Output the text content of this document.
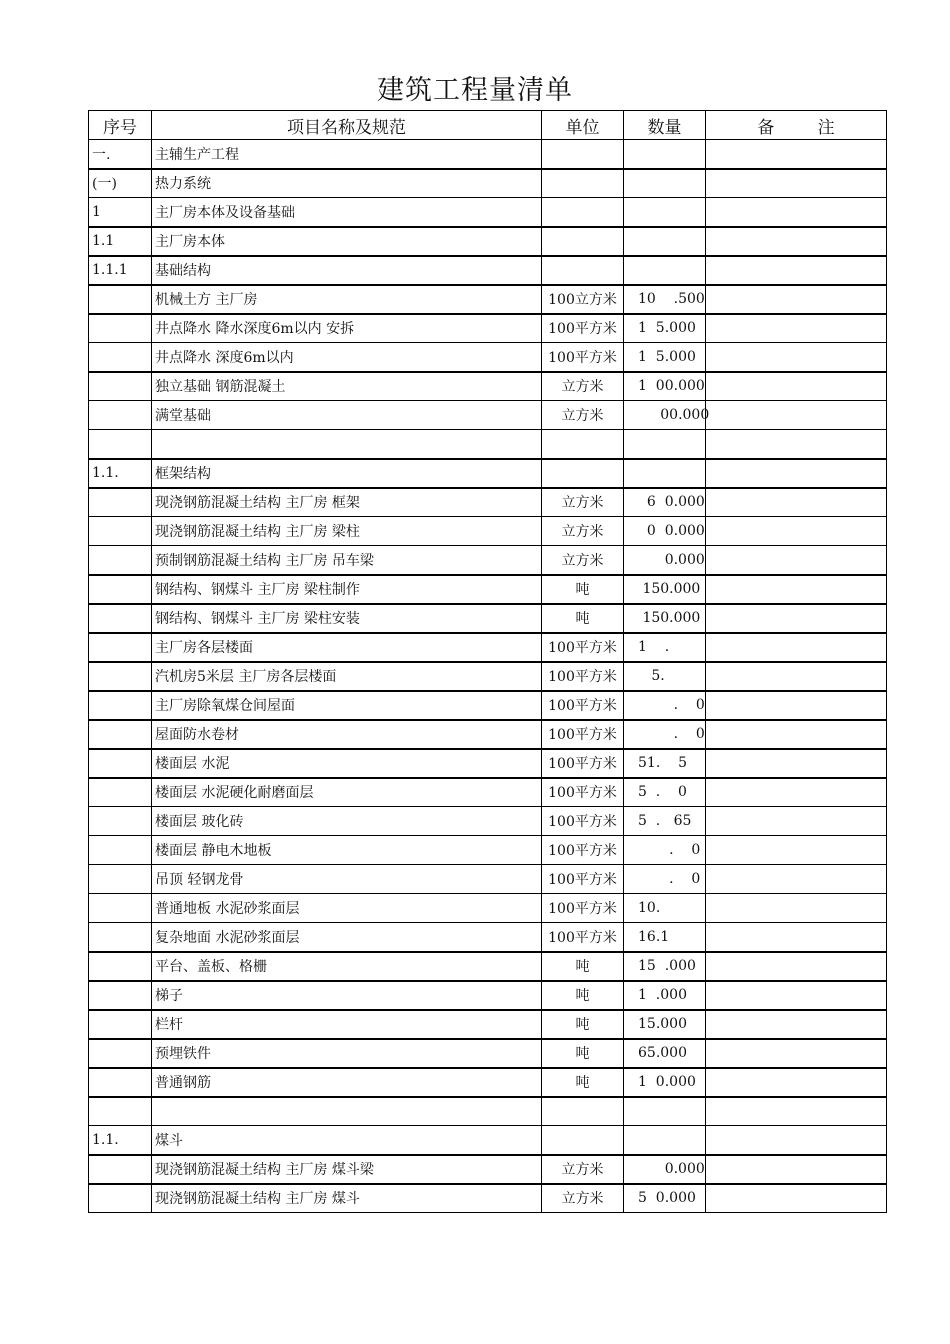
建筑工程量清单
序号	项目名称及规范	单位	数量	备        注
一.	主辅生产工程			
(一)	热力系统			
1	主厂房本体及设备基础			
1.1	主厂房本体			
1.1.1	基础结构			
	机械土方 主厂房	100立方米	10    .500	
	井点降水 降水深度6m以内 安拆	100平方米	1  5.000	
	井点降水 深度6m以内	100平方米	1  5.000	
	独立基础 钢筋混凝土	立方米	1  00.000	
	满堂基础	立方米	00.000	

1.1.	框架结构			
	现浇钢筋混凝土结构 主厂房 框架	立方米	6  0.000	
	现浇钢筋混凝土结构 主厂房 梁柱	立方米	0  0.000	
	预制钢筋混凝土结构 主厂房 吊车梁	立方米	0.000	
	钢结构、钢煤斗 主厂房 梁柱制作	吨	150.000	
	钢结构、钢煤斗 主厂房 梁柱安装	吨	150.000	
	主厂房各层楼面	100平方米	1    .	
	汽机房5米层 主厂房各层楼面	100平方米	5.	
	主厂房除氧煤仓间屋面	100平方米	.    0	
	屋面防水卷材	100平方米	.    0	
	楼面层 水泥	100平方米	51.    5	
	楼面层 水泥硬化耐磨面层	100平方米	5  .    0	
	楼面层 玻化砖	100平方米	5  .   65	
	楼面层 静电木地板	100平方米	.    0	
	吊顶 轻钢龙骨	100平方米	.    0	
	普通地板 水泥砂浆面层	100平方米	10.	
	复杂地面 水泥砂浆面层	100平方米	16.1	
	平台、盖板、格栅	吨	15  .000	
	梯子	吨	1  .000	
	栏杆	吨	15.000	
	预埋铁件	吨	65.000	
	普通钢筋	吨	1  0.000	

1.1.	煤斗			
	现浇钢筋混凝土结构 主厂房 煤斗梁	立方米	0.000	
	现浇钢筋混凝土结构 主厂房 煤斗	立方米	5  0.000	
